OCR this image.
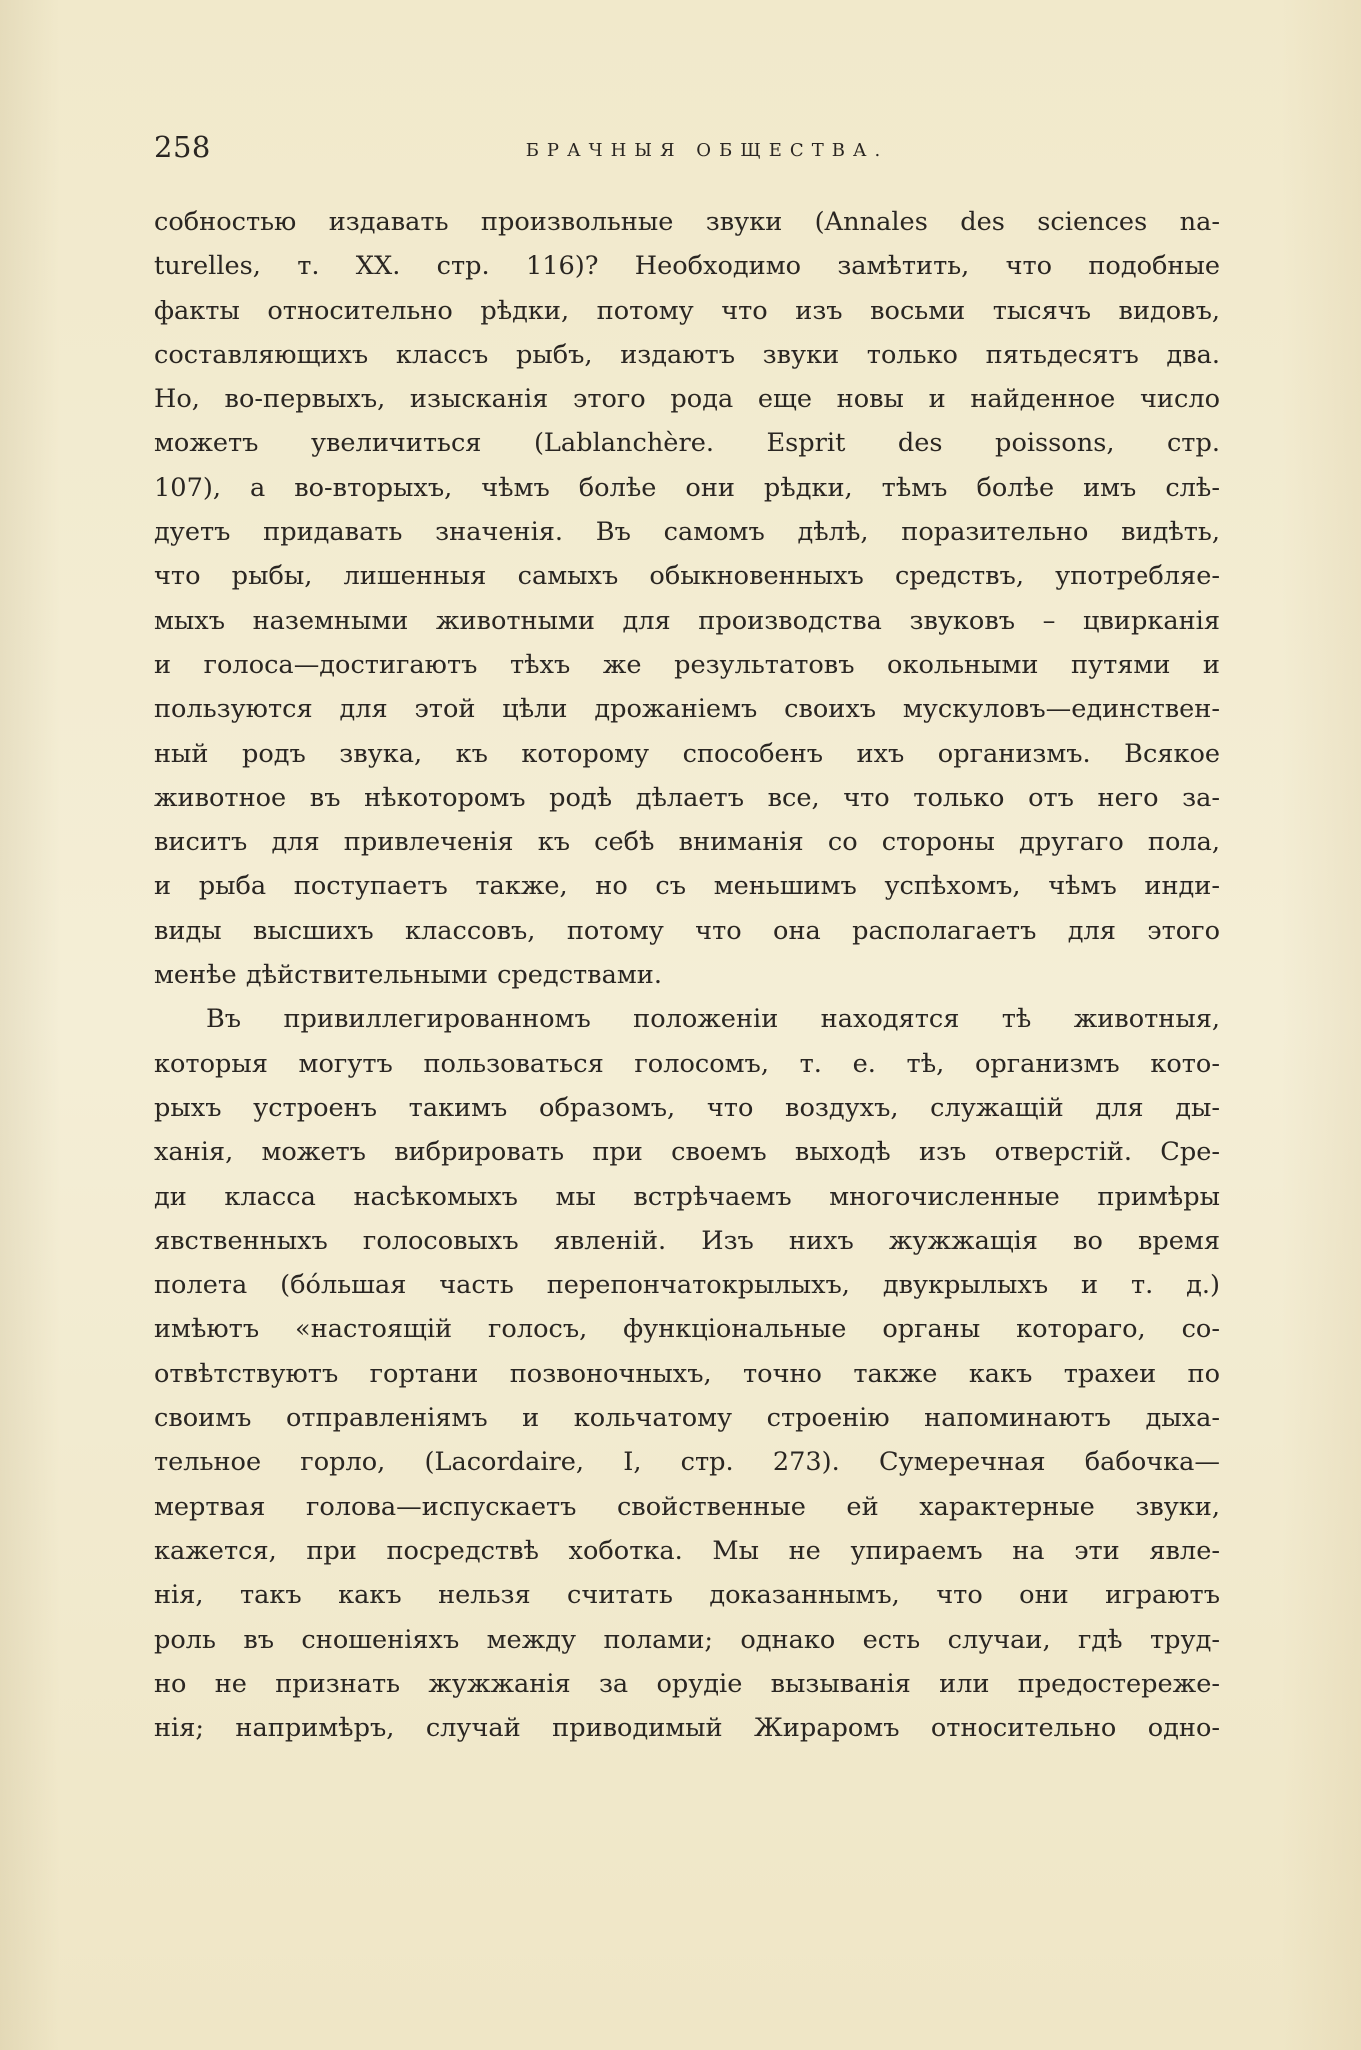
258	БРАЧНЫЯ ОБЩЕСТВА.

собностью издавать произвольные звуки (Annales des sciences na-
turelles, т. XX. стр. 116)? Необходимо замѣтить, что подобные
факты относительно рѣдки, потому что изъ восьми тысячъ видовъ,
составляющихъ классъ рыбъ, издаютъ звуки только пятьдесятъ два.
Но, во-первыхъ, изысканія этого рода еще новы и найденное число
можетъ увеличиться (Lablanchère. Esprit des poissons, стр.
107), а во-вторыхъ, чѣмъ болѣе они рѣдки, тѣмъ болѣе имъ слѣ-
дуетъ придавать значенія. Въ самомъ дѣлѣ, поразительно видѣть,
что рыбы, лишенныя самыхъ обыкновенныхъ средствъ, употребляе-
мыхъ наземными животными для производства звуковъ – цвирканія
и голоса—достигаютъ тѣхъ же результатовъ окольными путями и
пользуются для этой цѣли дрожаніемъ своихъ мускуловъ—единствен-
ный родъ звука, къ которому способенъ ихъ организмъ. Всякое
животное въ нѣкоторомъ родѣ дѣлаетъ все, что только отъ него за-
виситъ для привлеченія къ себѣ вниманія со стороны другаго пола,
и рыба поступаетъ также, но съ меньшимъ успѣхомъ, чѣмъ инди-
виды высшихъ классовъ, потому что она располагаетъ для этого
менѣе дѣйствительными средствами.

Въ привиллегированномъ положеніи находятся тѣ животныя,
которыя могутъ пользоваться голосомъ, т. е. тѣ, организмъ кото-
рыхъ устроенъ такимъ образомъ, что воздухъ, служащій для ды-
ханія, можетъ вибрировать при своемъ выходѣ изъ отверстій. Сре-
ди класса насѣкомыхъ мы встрѣчаемъ многочисленные примѣры
явственныхъ голосовыхъ явленій. Изъ нихъ жужжащія во время
полета (бо́льшая часть перепончатокрылыхъ, двукрылыхъ и т. д.)
имѣютъ «настоящій голосъ, функціональные органы котораго, со-
отвѣтствуютъ гортани позвоночныхъ, точно также какъ трахеи по
своимъ отправленіямъ и кольчатому строенію напоминаютъ дыха-
тельное горло, (Lacordaire, I, стр. 273). Сумеречная бабочка—
мертвая голова—испускаетъ свойственные ей характерные звуки,
кажется, при посредствѣ хоботка. Мы не упираемъ на эти явле-
нія, такъ какъ нельзя считать доказаннымъ, что они играютъ
роль въ сношеніяхъ между полами; однако есть случаи, гдѣ труд-
но не признать жужжанія за орудіе вызыванія или предостереже-
нія; напримѣръ, случай приводимый Жираромъ относительно одно-
